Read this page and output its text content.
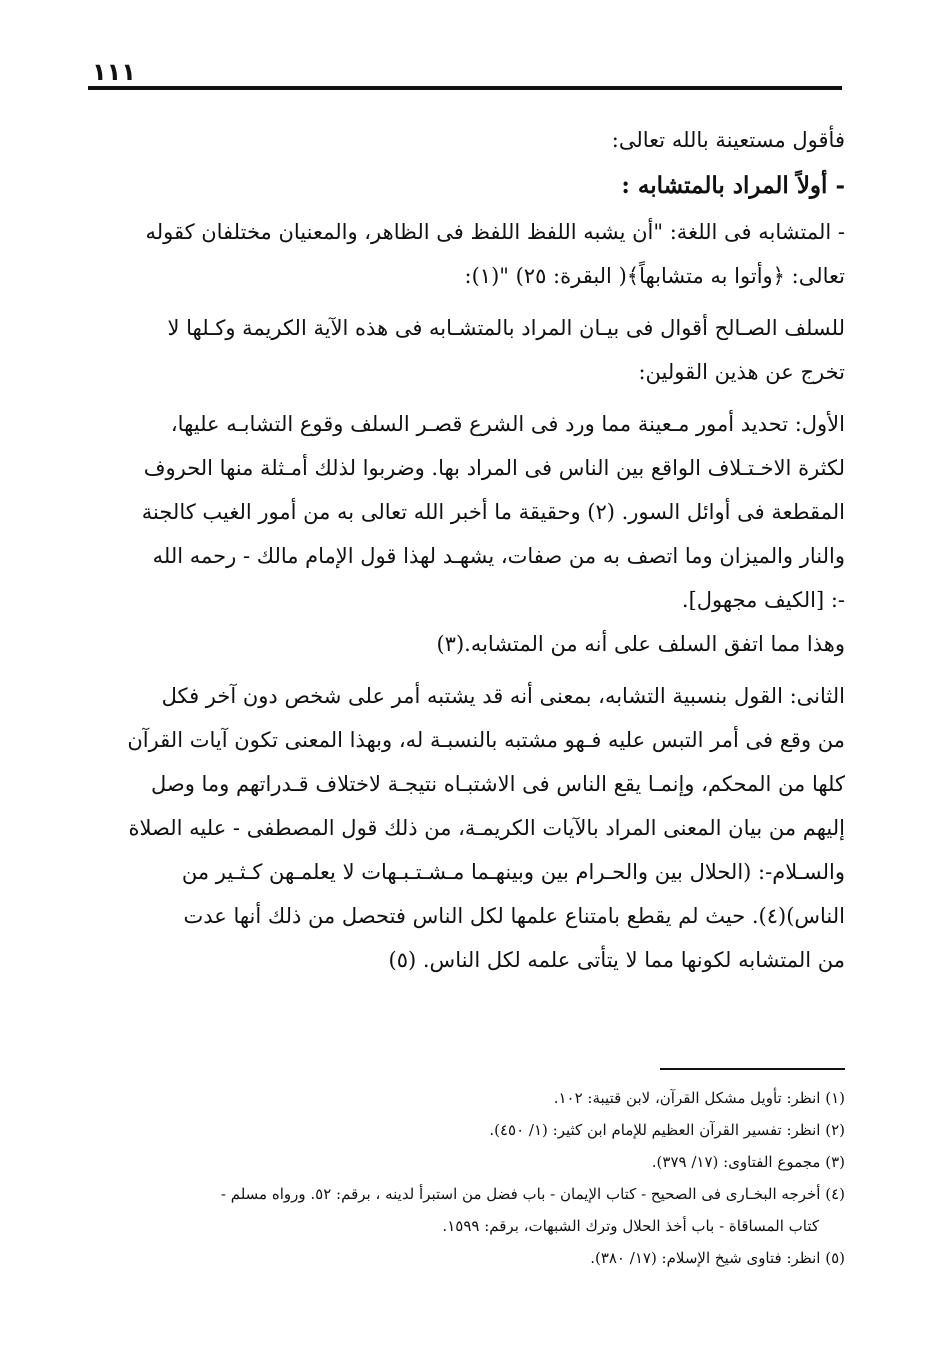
١١١

فأقول مستعينة بالله تعالى:

- أولاً المراد بالمتشابه :

- المتشابه فى اللغة: "أن يشبه اللفظ اللفظ فى الظاهر، والمعنيان مختلفان كقوله

تعالى: ﴿وأتوا به متشابهاً﴾( البقرة: ٢٥) "(١):

للسلف الصـالح أقوال فى بيـان المراد بالمتشـابه فى هذه الآية الكريمة وكـلها لا

تخرج عن هذين القولين:

الأول: تحديد أمور مـعينة مما ورد فى الشرع قصـر السلف وقوع التشابـه عليها،

لكثرة الاخـتـلاف الواقع بين الناس فى المراد بها. وضربوا لذلك أمـثلة منها الحروف

المقطعة فى أوائل السور. (٢) وحقيقة ما أخبر الله تعالى به من أمور الغيب كالجنة

والنار والميزان وما اتصف به من صفات، يشهـد لهذا قول الإمام مالك - رحمه الله

-: [الكيف مجهول].

وهذا مما اتفق السلف على أنه من المتشابه.(٣)

الثانى: القول بنسبية التشابه، بمعنى أنه قد يشتبه أمر على شخص دون آخر فكل

من وقع فى أمر التبس عليه فـهو مشتبه بالنسبـة له، وبهذا المعنى تكون آيات القرآن

كلها من المحكم، وإنمـا يقع الناس فى الاشتبـاه نتيجـة لاختلاف قـدراتهم وما وصل

إليهم من بيان المعنى المراد بالآيات الكريمـة، من ذلك قول المصطفى - عليه الصلاة

والسـلام-: (الحلال بين والحـرام بين وبينهـما مـشـتـبـهات لا يعلمـهن كـثـير من

الناس)(٤). حيث لم يقطع بامتناع علمها لكل الناس فتحصل من ذلك أنها عدت

من المتشابه لكونها مما لا يتأتى علمه لكل الناس. (٥)

(١) انظر: تأويل مشكل القرآن، لابن قتيبة: ١٠٢.

(٢) انظر: تفسير القرآن العظيم للإمام ابن كثير: (١/ ٤٥٠).

(٣) مجموع الفتاوى: (١٧/ ٣٧٩).

(٤) أخرجه البخـارى فى الصحيح - كتاب الإيمان - باب فضل من استبرأ لدينه ، برقم: ٥٢. ورواه مسلم -

كتاب المساقاة - باب أخذ الحلال وترك الشبهات، برقم: ١٥٩٩.

(٥) انظر: فتاوى شيخ الإسلام: (١٧/ ٣٨٠).
